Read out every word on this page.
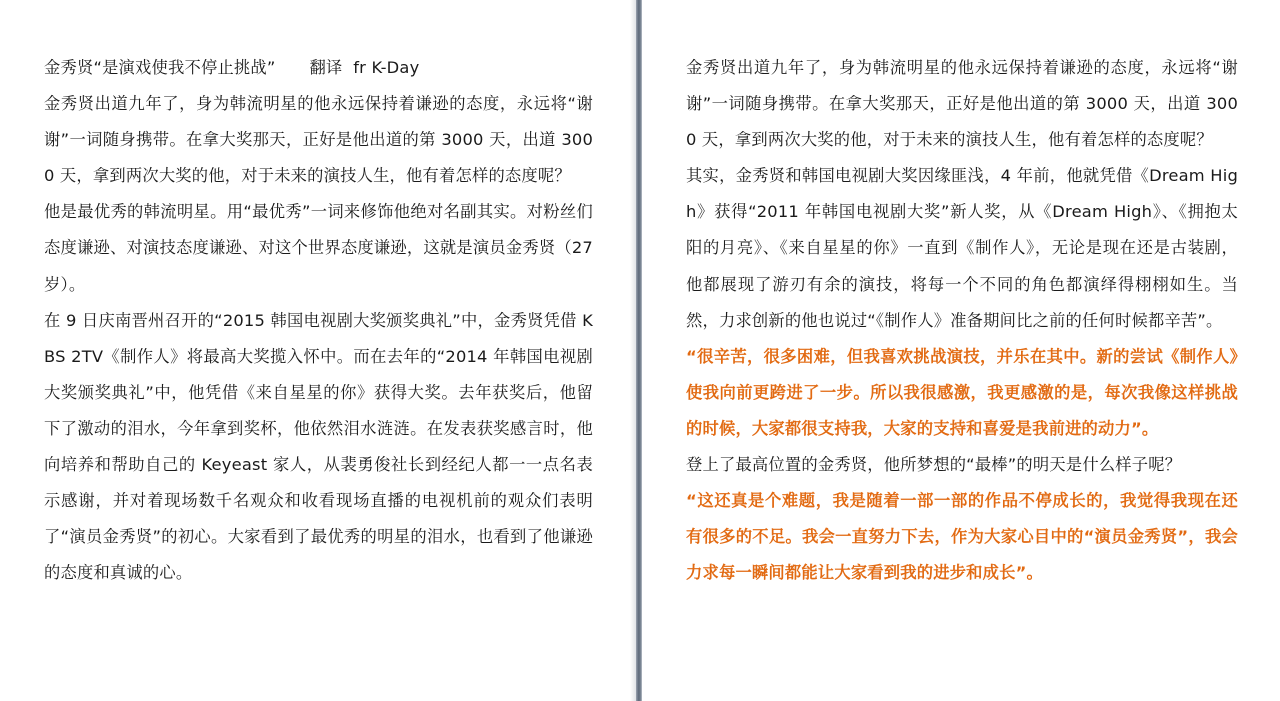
金秀贤“是演戏使我不停止挑战” 翻译  fr K-Day

金秀贤出道九年了，身为韩流明星的他永远保持着谦逊的态度，永远将“谢谢”一词随身携带。在拿大奖那天，正好是他出道的第 3000 天，出道 3000 天，拿到两次大奖的他，对于未来的演技人生，他有着怎样的态度呢？

他是最优秀的韩流明星。用“最优秀”一词来修饰他绝对名副其实。对粉丝们态度谦逊、对演技态度谦逊、对这个世界态度谦逊，这就是演员金秀贤（27 岁）。

在 9 日庆南晋州召开的“2015 韩国电视剧大奖颁奖典礼”中，金秀贤凭借 KBS 2TV《制作人》将最高大奖揽入怀中。而在去年的“2014 年韩国电视剧大奖颁奖典礼”中，他凭借《来自星星的你》获得大奖。去年获奖后，他留下了激动的泪水，今年拿到奖杯，他依然泪水涟涟。在发表获奖感言时，他向培养和帮助自己的 Keyeast 家人，从裴勇俊社长到经纪人都一一点名表示感谢，并对着现场数千名观众和收看现场直播的电视机前的观众们表明了“演员金秀贤”的初心。大家看到了最优秀的明星的泪水，也看到了他谦逊的态度和真诚的心。

金秀贤出道九年了，身为韩流明星的他永远保持着谦逊的态度，永远将“谢谢”一词随身携带。在拿大奖那天，正好是他出道的第 3000 天，出道 3000 天，拿到两次大奖的他，对于未来的演技人生，他有着怎样的态度呢？

其实，金秀贤和韩国电视剧大奖因缘匪浅，4 年前，他就凭借《Dream High》获得“2011 年韩国电视剧大奖”新人奖，从《Dream High》、《拥抱太阳的月亮》、《来自星星的你》一直到《制作人》，无论是现在还是古装剧，他都展现了游刃有余的演技，将每一个不同的角色都演绎得栩栩如生。当然，力求创新的他也说过“《制作人》准备期间比之前的任何时候都辛苦”。

“很辛苦，很多困难，但我喜欢挑战演技，并乐在其中。新的尝试《制作人》使我向前更跨进了一步。所以我很感激，我更感激的是，每次我像这样挑战的时候，大家都很支持我，大家的支持和喜爱是我前进的动力”。

登上了最高位置的金秀贤，他所梦想的“最棒”的明天是什么样子呢？

“这还真是个难题，我是随着一部一部的作品不停成长的，我觉得我现在还有很多的不足。我会一直努力下去，作为大家心目中的“演员金秀贤”，我会力求每一瞬间都能让大家看到我的进步和成长”。
